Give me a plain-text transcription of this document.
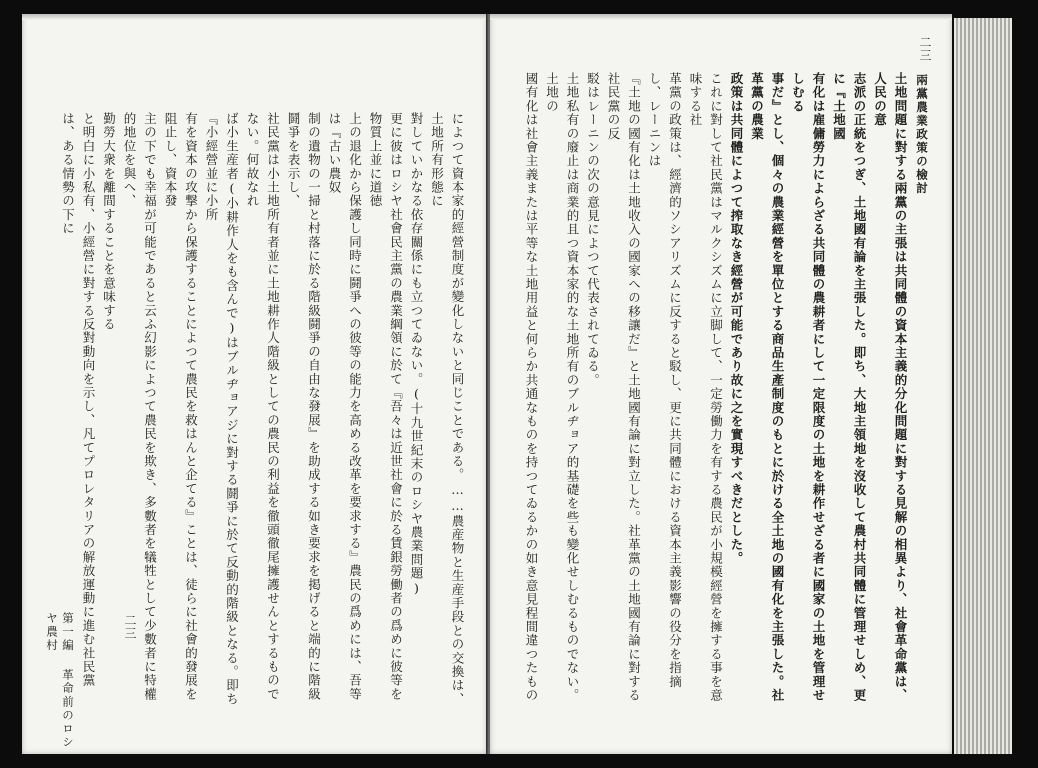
によつて資本家的經營制度が變化しないと同じことである。……農産物と生産手段との交換は、土地所有形態に

對していかなる依存關係にも立つてゐない。(十九世紀末のロシヤ農業問題)

更に彼はロシヤ社會民主黨の農業綱領に於て『吾々は近世社會に於る賃銀勞働者の爲めに彼等を物質上並に道徳

上の退化から保護し同時に鬪爭への彼等の能力を高める改革を要求する』農民の爲めには、吾等は『古い農奴

制の遺物の一掃と村落に於る階級鬪爭の自由な發展』を助成する如き要求を掲げると端的に階級鬪爭を表示し、

社民黨は小土地所有者並に土地耕作人階級としての農民の利益を徹頭徹尾擁護せんとするものでない。何故なれ

ば小生産者(小耕作人をも含んで)はブルヂョアジに對する鬪爭に於て反動的階級となる。即ち『小經營並に小所

有を資本の攻撃から保護することによつて農民を救はんと企てる』ことは、徒らに社會的發展を阻止し、資本發

主の下でも幸福が可能であると云ふ幻影によつて農民を欺き、多數者を犠牲として少數者に特權的地位を與へ、

勤勞大衆を離間することを意味する

と明白に小私有、小經營に對する反對動向を示し、凡てプロレタリアの解放運動に進む社民黨は、ある情勢の下に

二三
第一編 革命前のロシヤ農村
兩黨農業政策の檢討
二三

土地問題に對する兩黨の主張は共同體の資本主義的分化問題に對する見解の相異より、社會革命黨は、人民の意

志派の正統をつぎ、土地國有論を主張した。即ち、大地主領地を沒收して農村共同體に管理せしめ、更に『土地國

有化は雇傭勞力によらざる共同體の農耕者にして一定限度の土地を耕作せざる者に國家の土地を管理せしむる

事だ』とし、個々の農業經營を單位とする商品生產制度のもとに於ける全土地の國有化を主張した。社革黨の農業

政策は共同體によつて搾取なき經營が可能であり故に之を實現すべきだとした。

これに對して社民黨はマルクシズムに立脚して、一定勞働力を有する農民が小規模經營を擁する事を意味する社

革黨の政策は、經濟的ソシアリズムに反すると駁し、更に共同體における資本主義影響の役分を指摘し、レーニンは

『土地の國有化は土地收入の國家への移讓だ』と土地國有論に對立した。社革黨の土地國有論に對する社民黨の反

駁はレーニンの次の意見によつて代表されてゐる。

土地私有の廢止は商業的且つ資本家的な土地所有のブルヂョア的基礎を些も變化せしむるものでない。土地の

國有化は社會主義または平等な土地用益と何らか共通なものを持つてゐるかの如き意見程間違つたもの
